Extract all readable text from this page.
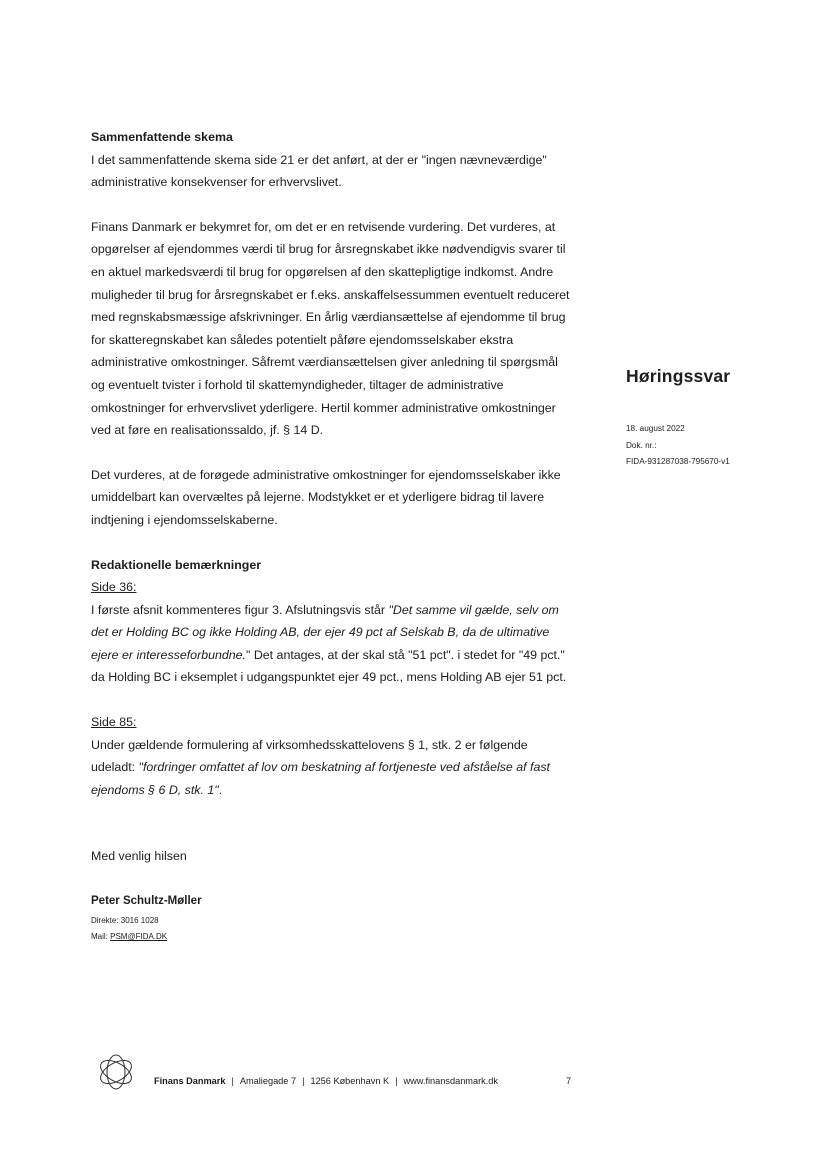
Sammenfattende skema

I det sammenfattende skema side 21 er det anført, at der er "ingen nævneværdige" administrative konsekvenser for erhvervslivet.

Finans Danmark er bekymret for, om det er en retvisende vurdering. Det vurderes, at opgørelser af ejendommes værdi til brug for årsregnskabet ikke nødvendigvis svarer til en aktuel markedsværdi til brug for opgørelsen af den skattepligtige indkomst. Andre muligheder til brug for årsregnskabet er f.eks. anskaffelsessummen eventuelt reduceret med regnskabsmæssige afskrivninger. En årlig værdiansættelse af ejendomme til brug for skatteregnskabet kan således potentielt påføre ejendomsselskaber ekstra administrative omkostninger. Såfremt værdiansættelsen giver anledning til spørgsmål og eventuelt tvister i forhold til skattemyndigheder, tiltager de administrative omkostninger for erhvervslivet yderligere. Hertil kommer administrative omkostninger ved at føre en realisationssaldo, jf. § 14 D.

Det vurderes, at de forøgede administrative omkostninger for ejendomsselskaber ikke umiddelbart kan overvæltes på lejerne. Modstykket er et yderligere bidrag til lavere indtjening i ejendomsselskaberne.

Redaktionelle bemærkninger

Side 36:

I første afsnit kommenteres figur 3. Afslutningsvis står "Det samme vil gælde, selv om det er Holding BC og ikke Holding AB, der ejer 49 pct af Selskab B, da de ultimative ejere er interesseforbundne." Det antages, at der skal stå "51 pct". i stedet for "49 pct." da Holding BC i eksemplet i udgangspunktet ejer 49 pct., mens Holding AB ejer 51 pct.

Side 85:

Under gældende formulering af virksomhedsskattelovens § 1, stk. 2 er følgende udeladt: "fordringer omfattet af lov om beskatning af fortjeneste ved afståelse af fast ejendoms § 6 D, stk. 1".

Med venlig hilsen

Peter Schultz-Møller

Direkte: 3016 1028

Mail: PSM@FIDA.DK

Høringssvar
18. august 2022
Dok. nr.:
FIDA-931287038-795670-v1
Finans Danmark | Amaliegade 7 | 1256 København K | www.finansdanmark.dk	7
